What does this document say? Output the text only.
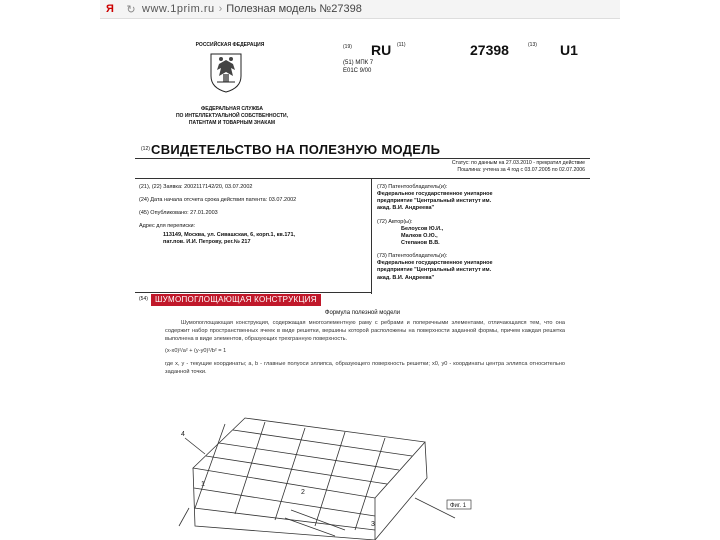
Я	↻ www.1prim.ru › Полезная модель №27398
РОССИЙСКАЯ ФЕДЕРАЦИЯ
ФЕДЕРАЛЬНАЯ СЛУЖБА
ПО ИНТЕЛЛЕКТУАЛЬНОЙ СОБСТВЕННОСТИ,
ПАТЕНТАМ И ТОВАРНЫМ ЗНАКАМ
(19) RU (11)	27398	(13) U1
(51) МПК 7
E01C 9/00
(12) СВИДЕТЕЛЬСТВО НА ПОЛЕЗНУЮ МОДЕЛЬ
Статус: по данным на 27.03.2010 - прекратил действие
Пошлина: учтена за 4 год с 03.07.2005 по 02.07.2006

(21), (22) Заявка: 2002117142/20, 03.07.2002

(24) Дата начала отсчета срока действия патента: 03.07.2002

(45) Опубликовано: 27.01.2003

Адрес для переписки:

113149, Москва, ул. Сивашская, 6, корп.1, кв.171,
пат.пов. И.И. Петрову, рег.№ 217
(73) Патентообладатель(и):
Федеральное государственное унитарное
предприятие "Центральный институт им.
акад. В.И. Андреева"
(72) Автор(ы):
Белоусов Ю.И.,
Малков О.Ю.,
Степанов В.В.
(73) Патентообладатель(и):
Федеральное государственное унитарное
предприятие "Центральный институт им.
акад. В.И. Андреева"
(54) ШУМОПОГЛОЩАЮЩАЯ КОНСТРУКЦИЯ
Формула полезной модели

Шумопоглощающая конструкция, содержащая многоэлементную раму с ребрами и поперечными элементами, отличающаяся тем, что она содержит набор пространственных ячеек в виде решетки, вершины которой расположены на поверхности заданной формы, причем каждая решетка выполнена в виде элементов, образующих трехгранную поверхность.

(x-x0)²/a² + (y-y0)²/b² = 1

где x, y - текущие координаты; a, b - главные полуоси эллипса, образующего поверхность решетки; x0, y0 - координаты центра эллипса относительно заданной точки.

4
1
2
3
Фиг. 1
